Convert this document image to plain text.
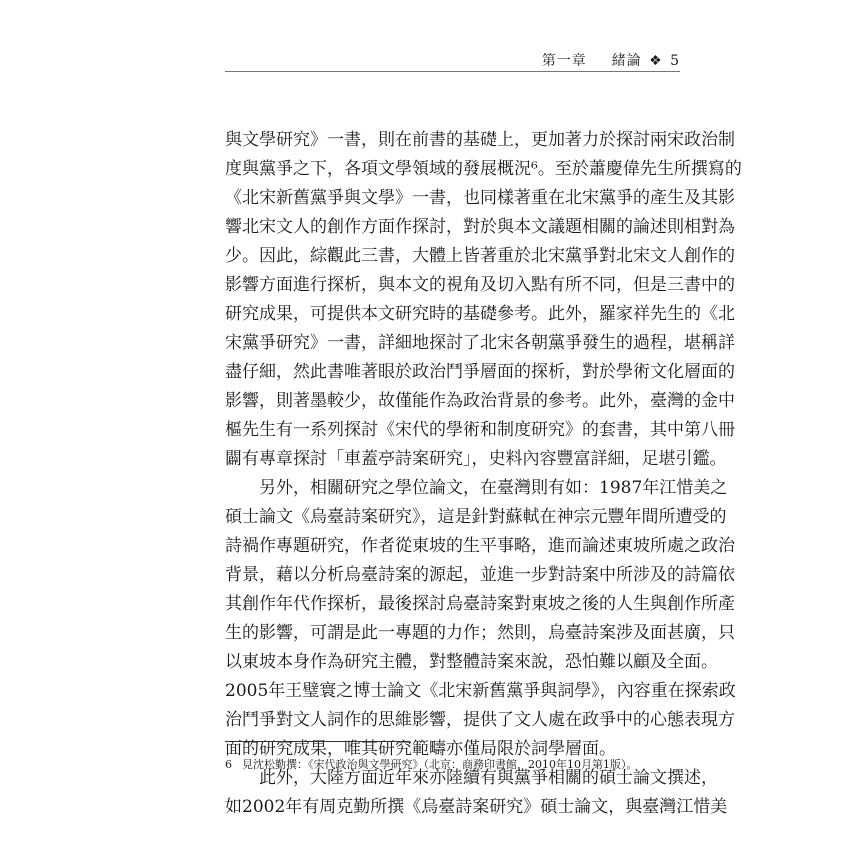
第一章 緒論 ❖ 5
與文學研究》一書，則在前書的基礎上，更加著力於探討兩宋政治制
度與黨爭之下，各項文學領域的發展概況⁶。至於蕭慶偉先生所撰寫的
《北宋新舊黨爭與文學》一書，也同樣著重在北宋黨爭的產生及其影
響北宋文人的創作方面作探討，對於與本文議題相關的論述則相對為
少。因此，綜觀此三書，大體上皆著重於北宋黨爭對北宋文人創作的
影響方面進行探析，與本文的視角及切入點有所不同，但是三書中的
研究成果，可提供本文研究時的基礎參考。此外，羅家祥先生的《北
宋黨爭研究》一書，詳細地探討了北宋各朝黨爭發生的過程，堪稱詳
盡仔細，然此書唯著眼於政治鬥爭層面的探析，對於學術文化層面的
影響，則著墨較少，故僅能作為政治背景的參考。此外，臺灣的金中
樞先生有一系列探討《宋代的學術和制度研究》的套書，其中第八冊
闢有專章探討「車蓋亭詩案研究」，史料內容豐富詳細，足堪引鑑。
　　另外，相關研究之學位論文，在臺灣則有如：1987年江惜美之
碩士論文《烏臺詩案研究》，這是針對蘇軾在神宗元豐年間所遭受的
詩禍作專題研究，作者從東坡的生平事略，進而論述東坡所處之政治
背景，藉以分析烏臺詩案的源起，並進一步對詩案中所涉及的詩篇依
其創作年代作探析，最後探討烏臺詩案對東坡之後的人生與創作所產
生的影響，可謂是此一專題的力作；然則，烏臺詩案涉及面甚廣，只
以東坡本身作為研究主體，對整體詩案來說，恐怕難以顧及全面。
2005年王璧寰之博士論文《北宋新舊黨爭與詞學》，內容重在探索政
治鬥爭對文人詞作的思維影響，提供了文人處在政爭中的心態表現方
面的研究成果，唯其研究範疇亦僅局限於詞學層面。
　　此外，大陸方面近年來亦陸續有與黨爭相關的碩士論文撰述，
如2002年有周克勤所撰《烏臺詩案研究》碩士論文，與臺灣江惜美
6 見沈松勤撰：《宋代政治與文學研究》（北京：商務印書館，2010年10月第1版）。
